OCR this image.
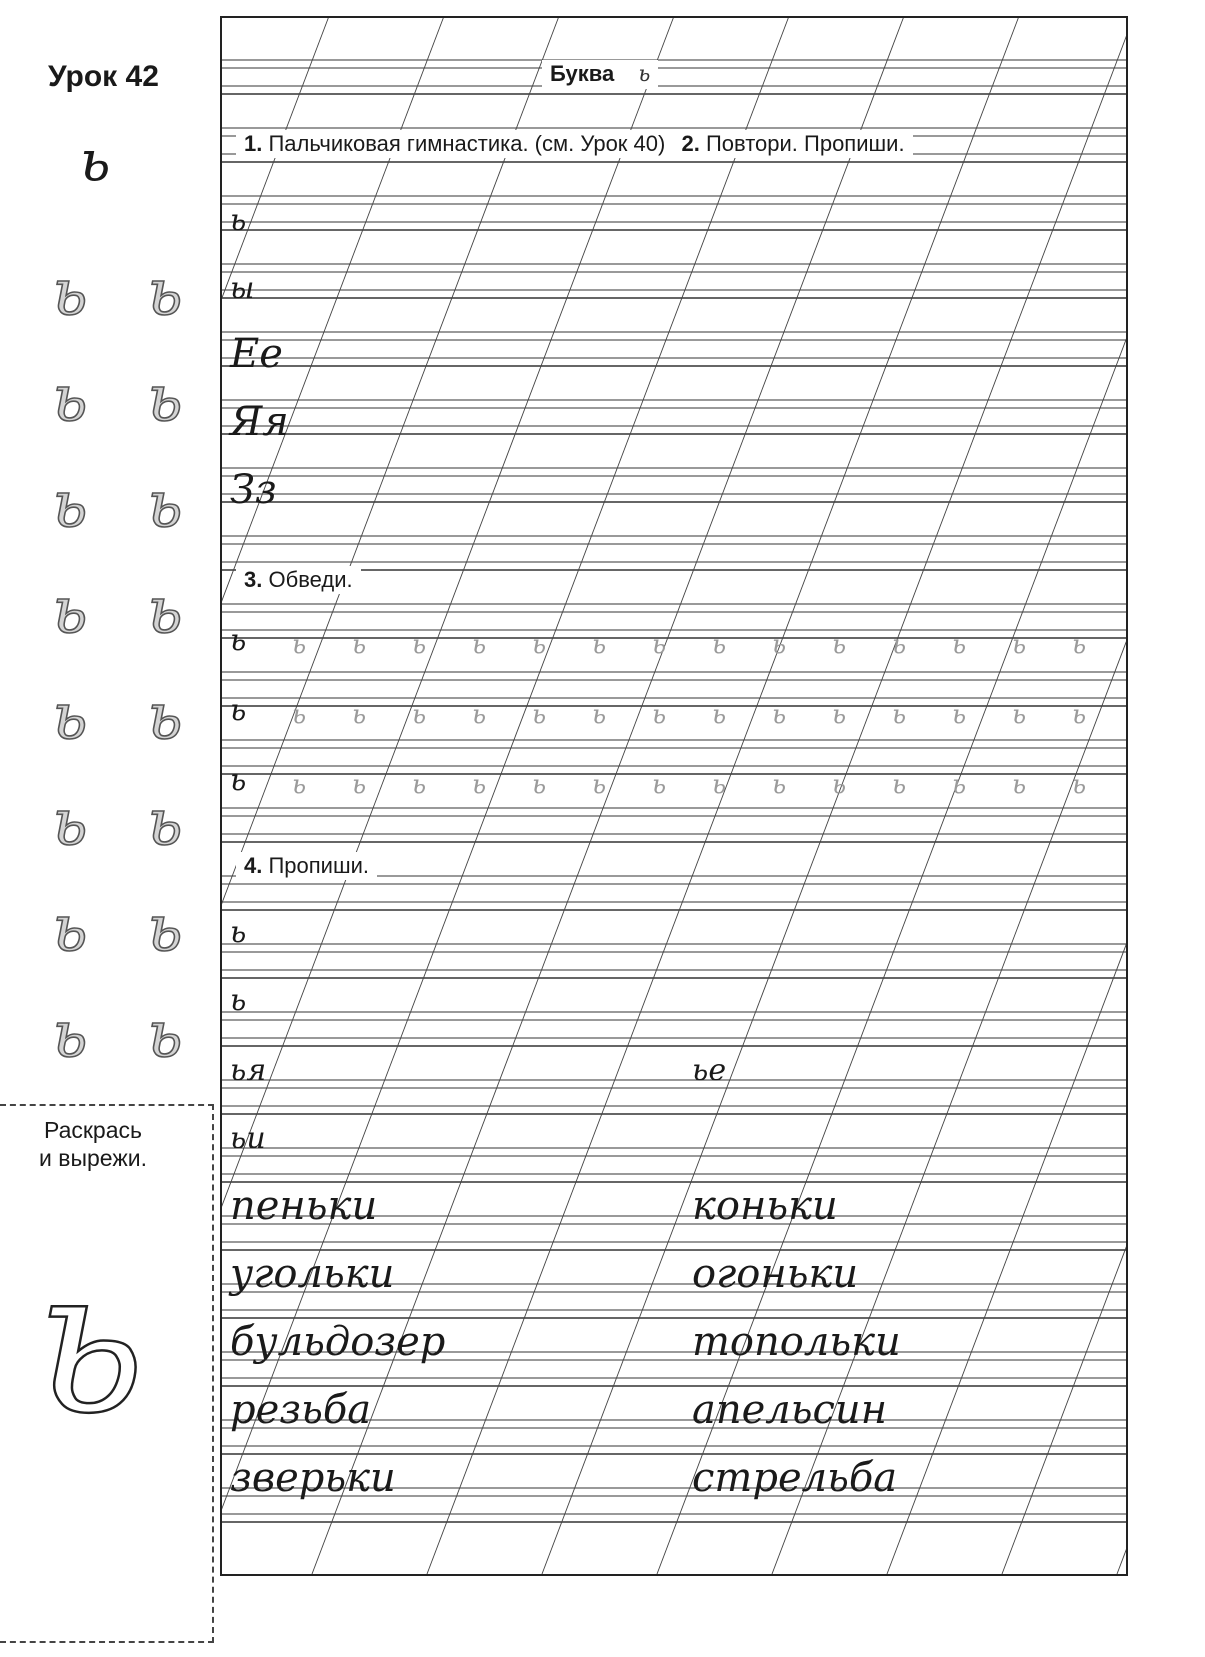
Урок 42
ь
ь ь
ь ь
ь ь
ь ь
ь ь
ь ь
ь ь
ь ь
Раскрась
и вырежи.
ь
Буква ь
1. Пальчиковая гимнастика. (см. Урок 40) 2. Повтори. Пропиши.
ь
ы
Ее
Яя
Зз
3. Обведи.
ь ь ь ь ь ь ь ь ь ь ь ь ь ь ь
ь ь ь ь ь ь ь ь ь ь ь ь ь ь ь
ь ь ь ь ь ь ь ь ь ь ь ь ь ь ь
4. Пропиши.
ь
ь
ья	ье
ьи
пеньки	коньки
угольки	огоньки
бульдозер	топольки
резьба	апельсин
зверьки	стрельба
